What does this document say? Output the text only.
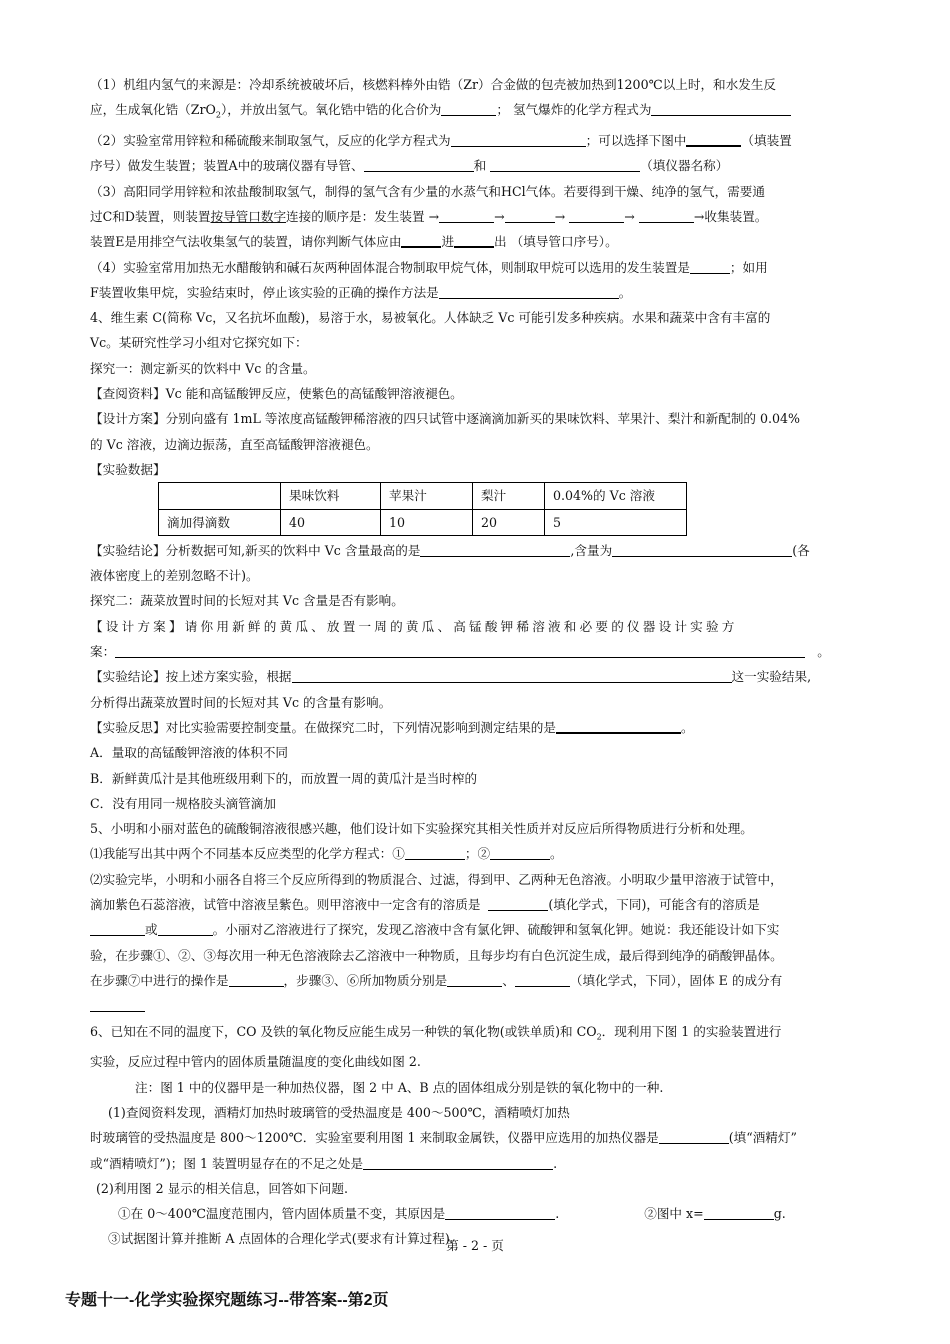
（1）机组内氢气的来源是：冷却系统被破坏后，核燃料棒外由锆（Zr）合金做的包壳被加热到1200℃以上时，和水发生反

应，生成氧化锆（ZrO$_2$），并放出氢气。氧化锆中锆的化合价为	； 氢气爆炸的化学方程式为

（2）实验室常用锌粒和稀硫酸来制取氢气，反应的化学方程式为	；可以选择下图中	（填装置

序号）做发生装置；装置A中的玻璃仪器有导管、	和	（填仪器名称）

（3）高阳同学用锌粒和浓盐酸制取氢气，制得的氢气含有少量的水蒸气和HCl气体。若要得到干燥、纯净的氢气，需要通

过C和D装置，则装置按导管口数字连接的顺序是：发生装置 →	→	→	→	→收集装置。

装置E是用排空气法收集氢气的装置，请你判断气体应由	进	出 （填导管口序号）。

（4）实验室常用加热无水醋酸钠和碱石灰两种固体混合物制取甲烷气体，则制取甲烷可以选用的发生装置是	；如用

F装置收集甲烷，实验结束时，停止该实验的正确的操作方法是	。

4、维生素 C(简称 Vc，又名抗坏血酸)，易溶于水，易被氧化。人体缺乏 Vc 可能引发多种疾病。水果和蔬菜中含有丰富的

Vc。某研究性学习小组对它探究如下：

探究一：测定新买的饮料中 Vc 的含量。

【查阅资料】Vc 能和高锰酸钾反应，使紫色的高锰酸钾溶液褪色。

【设计方案】分别向盛有 1mL 等浓度高锰酸钾稀溶液的四只试管中逐滴滴加新买的果味饮料、苹果汁、梨汁和新配制的 0.04%

的 Vc 溶液，边滴边振荡，直至高锰酸钾溶液褪色。

【实验数据】

	果味饮料	苹果汁	梨汁	0.04%的 Vc 溶液
滴加得滴数	40	10	20	5

【实验结论】分析数据可知,新买的饮料中 Vc 含量最高的是	,含量为	(各

液体密度上的差别忽略不计)。

探究二：蔬菜放置时间的长短对其 Vc 含量是否有影响。

【设计方案】请你用新鲜的黄瓜、放置一周的黄瓜、高锰酸钾稀溶液和必要的仪器设计实验方

案：	。

【实验结论】按上述方案实验，根据	这一实验结果,

分析得出蔬菜放置时间的长短对其 Vc 的含量有影响。

【实验反思】对比实验需要控制变量。在做探究二时，下列情况影响到测定结果的是	。

A．量取的高锰酸钾溶液的体积不同

B．新鲜黄瓜汁是其他班级用剩下的，而放置一周的黄瓜汁是当时榨的

C．没有用同一规格胶头滴管滴加

5、小明和小丽对蓝色的硫酸铜溶液很感兴趣，他们设计如下实验探究其相关性质并对反应后所得物质进行分析和处理。

⑴我能写出其中两个不同基本反应类型的化学方程式：①	；②	。

⑵实验完毕，小明和小丽各自将三个反应所得到的物质混合、过滤，得到甲、乙两种无色溶液。小明取少量甲溶液于试管中，

滴加紫色石蕊溶液，试管中溶液呈紫色。则甲溶液中一定含有的溶质是	(填化学式，下同)，可能含有的溶质是

或	。小丽对乙溶液进行了探究，发现乙溶液中含有氯化钾、硫酸钾和氢氧化钾。她说：我还能设计如下实

验，在步骤①、②、③每次用一种无色溶液除去乙溶液中一种物质，且每步均有白色沉淀生成，最后得到纯净的硝酸钾晶体。

在步骤⑦中进行的操作是	，步骤③、⑥所加物质分别是	、	（填化学式，下同），固体 E 的成分有

6、已知在不同的温度下，CO 及铁的氧化物反应能生成另一种铁的氧化物(或铁单质)和 $CO_2$．现利用下图 1 的实验装置进行

实验，反应过程中管内的固体质量随温度的变化曲线如图 2.

注：图 1 中的仪器甲是一种加热仪器，图 2 中 A、B 点的固体组成分别是铁的氧化物中的一种.

(1)查阅资料发现，酒精灯加热时玻璃管的受热温度是 400～500℃，酒精喷灯加热

时玻璃管的受热温度是 800～1200℃．实验室要利用图 1 来制取金属铁，仪器甲应选用的加热仪器是	(填“酒精灯”

或“酒精喷灯”)；图 1 装置明显存在的不足之处是	.

(2)利用图 2 显示的相关信息，回答如下问题.

①在 0～400℃温度范围内，管内固体质量不变，其原因是	.	②图中 x=	g.

③试据图计算并推断 A 点固体的合理化学式(要求有计算过程).

第 - 2 - 页
专题十一-化学实验探究题练习--带答案--第2页
